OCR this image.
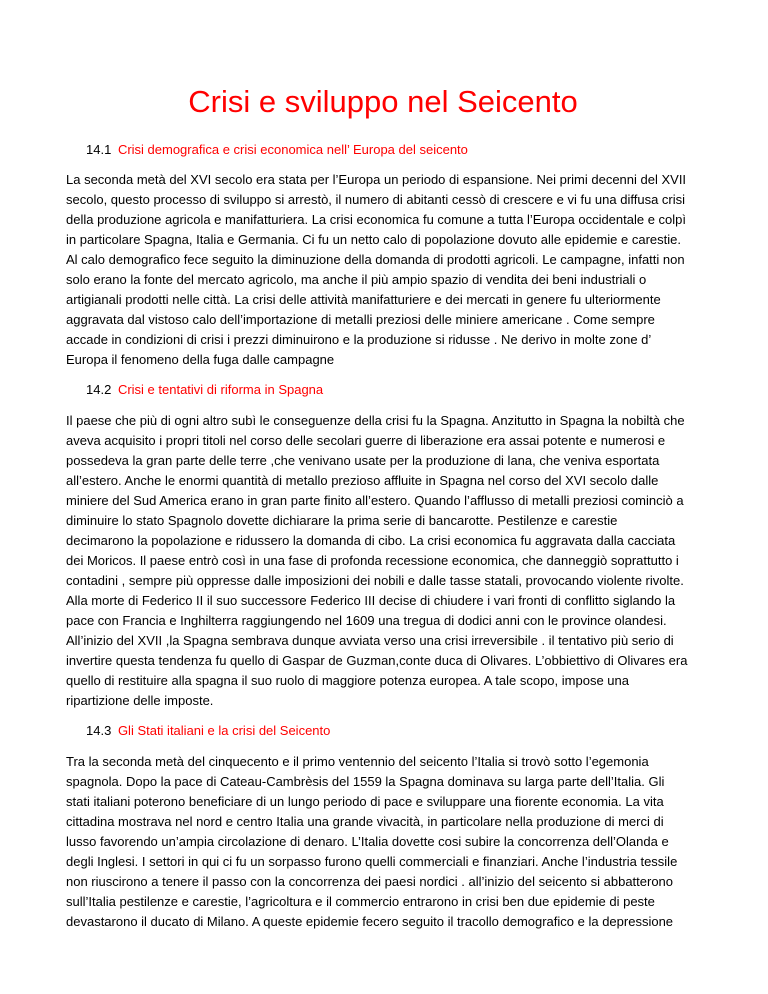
Crisi e sviluppo nel Seicento

14.1 Crisi demografica e crisi economica nell’ Europa del seicento

La seconda metà del XVI secolo era stata per l’Europa un periodo di espansione. Nei primi decenni del XVII secolo, questo processo di sviluppo si arrestò, il numero di abitanti cessò di crescere e vi fu una diffusa crisi della produzione agricola e manifatturiera. La crisi economica fu comune a tutta l’Europa occidentale e colpì in particolare Spagna, Italia e Germania. Ci fu un netto calo di popolazione dovuto alle epidemie e carestie. Al calo demografico fece seguito la diminuzione della domanda di prodotti agricoli. Le campagne, infatti non solo erano la fonte del mercato agricolo, ma anche il più ampio spazio di vendita dei beni industriali o artigianali prodotti nelle città. La crisi delle attività manifatturiere e dei mercati in genere fu ulteriormente aggravata dal vistoso calo dell’importazione di metalli preziosi delle miniere americane . Come sempre accade in condizioni di crisi i prezzi diminuirono e la produzione si ridusse . Ne derivo in molte zone d’ Europa il fenomeno della fuga dalle campagne

14.2 Crisi e tentativi di riforma in Spagna

Il paese che più di ogni altro subì le conseguenze della crisi fu la Spagna. Anzitutto in Spagna la nobiltà che aveva acquisito i propri titoli nel corso delle secolari guerre di liberazione era assai potente e numerosi e possedeva la gran parte delle terre ,che venivano usate per la produzione di lana, che veniva esportata all’estero. Anche le enormi quantità di metallo prezioso affluite in Spagna nel corso del XVI secolo dalle miniere del Sud America erano in gran parte finito all’estero. Quando l’afflusso di metalli preziosi cominciò a diminuire lo stato Spagnolo dovette dichiarare la prima serie di bancarotte. Pestilenze e carestie decimarono la popolazione e ridussero la domanda di cibo. La crisi economica fu aggravata dalla cacciata dei Moricos. Il paese entrò così in una fase di profonda recessione economica, che danneggiò soprattutto i contadini , sempre più oppresse dalle imposizioni dei nobili e dalle tasse statali, provocando violente rivolte. Alla morte di Federico II il suo successore Federico III decise di chiudere i vari fronti di conflitto siglando la pace con Francia e Inghilterra raggiungendo nel 1609 una tregua di dodici anni con le province olandesi. All’inizio del XVII ,la Spagna sembrava dunque avviata verso una crisi irreversibile . il tentativo più serio di invertire questa tendenza fu quello di Gaspar de Guzman,conte duca di Olivares. L’obbiettivo di Olivares era quello di restituire alla spagna il suo ruolo di maggiore potenza europea. A tale scopo, impose una ripartizione delle imposte.

14.3 Gli Stati italiani e la crisi del Seicento

Tra la seconda metà del cinquecento e il primo ventennio del seicento l’Italia si trovò sotto l’egemonia spagnola. Dopo la pace di Cateau-Cambrèsis del 1559 la Spagna dominava su larga parte dell’Italia. Gli stati italiani poterono beneficiare di un lungo periodo di pace e sviluppare una fiorente economia. La vita cittadina mostrava nel nord e centro Italia una grande vivacità, in particolare nella produzione di merci di lusso favorendo un’ampia circolazione di denaro. L’Italia dovette cosi subire la concorrenza dell’Olanda e degli Inglesi. I settori in qui ci fu un sorpasso furono quelli commerciali e finanziari. Anche l’industria tessile non riuscirono a tenere il passo con la concorrenza dei paesi nordici . all’inizio del seicento si abbatterono sull’Italia pestilenze e carestie, l’agricoltura e il commercio entrarono in crisi ben due epidemie di peste devastarono il ducato di Milano. A queste epidemie fecero seguito il tracollo demografico e la depressione
